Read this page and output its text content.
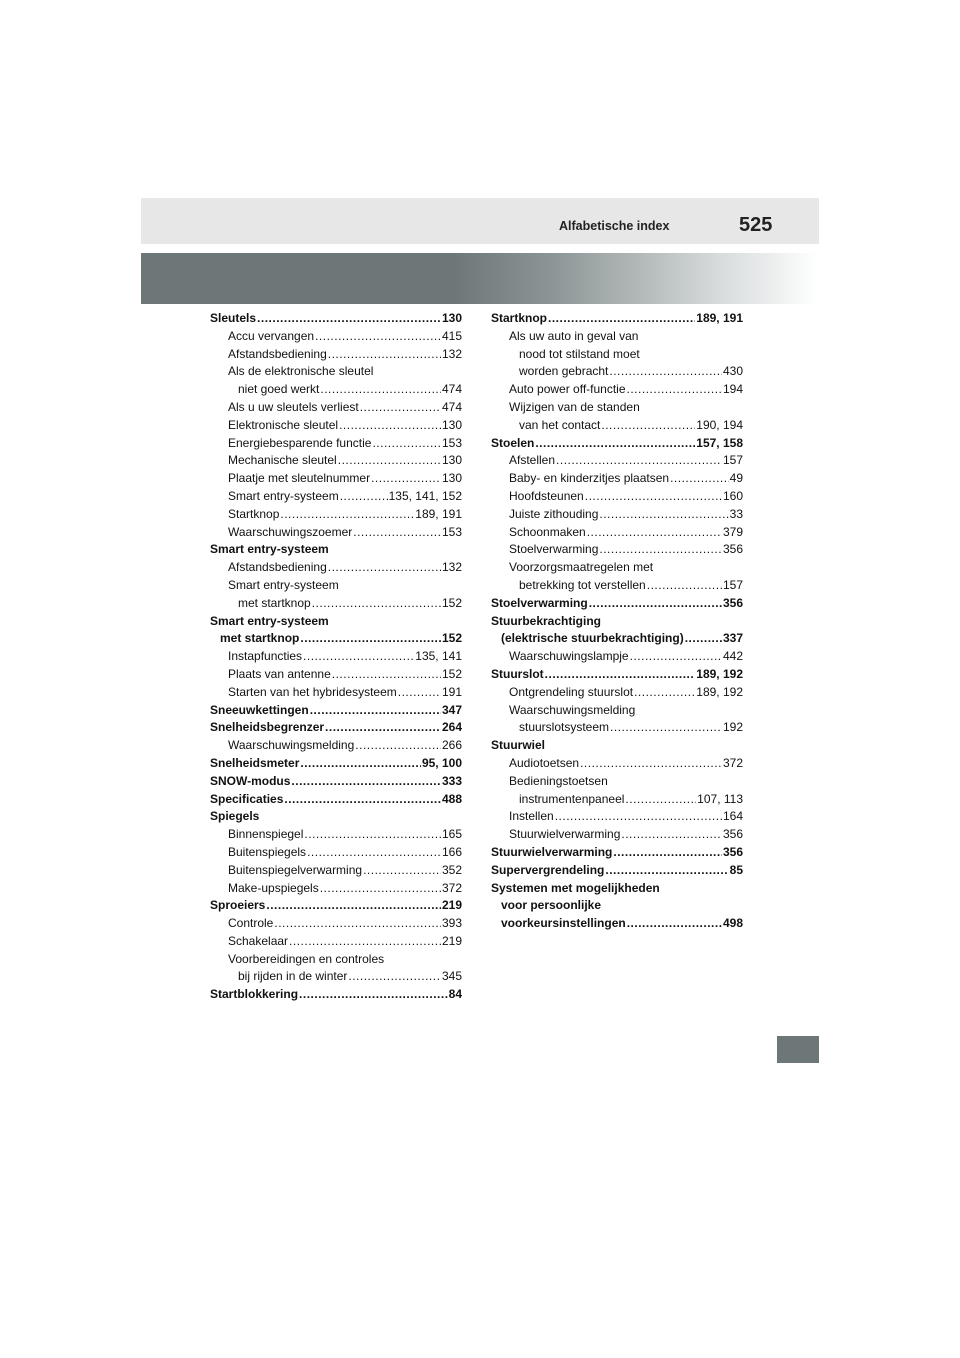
Alfabetische index	525
Sleutels .....	130
Accu vervangen .....	415
Afstandsbediening .....	132
Als de elektronische sleutel
niet goed werkt .....	474
Als u uw sleutels verliest .....	474
Elektronische sleutel .....	130
Energiebesparende functie .....	153
Mechanische sleutel .....	130
Plaatje met sleutelnummer .....	130
Smart entry-systeem .....	135, 141, 152
Startknop .....	189, 191
Waarschuwingszoemer .....	153
Smart entry-systeem
Afstandsbediening .....	132
Smart entry-systeem
met startknop .....	152
Smart entry-systeem
met startknop .....	152
Instapfuncties .....	135, 141
Plaats van antenne .....	152
Starten van het hybridesysteem .....	191
Sneeuwkettingen .....	347
Snelheidsbegrenzer .....	264
Waarschuwingsmelding .....	266
Snelheidsmeter .....	95, 100
SNOW-modus .....	333
Specificaties .....	488
Spiegels
Binnenspiegel .....	165
Buitenspiegels .....	166
Buitenspiegelverwarming .....	352
Make-upspiegels .....	372
Sproeiers .....	219
Controle .....	393
Schakelaar .....	219
Voorbereidingen en controles
bij rijden in de winter .....	345
Startblokkering .....	84
Startknop .....	189, 191
Als uw auto in geval van
nood tot stilstand moet
worden gebracht .....	430
Auto power off-functie .....	194
Wijzigen van de standen
van het contact .....	190, 194
Stoelen .....	157, 158
Afstellen .....	157
Baby- en kinderzitjes plaatsen .....	49
Hoofdsteunen .....	160
Juiste zithouding .....	33
Schoonmaken .....	379
Stoelverwarming .....	356
Voorzorgsmaatregelen met
betrekking tot verstellen .....	157
Stoelverwarming .....	356
Stuurbekrachtiging
(elektrische stuurbekrachtiging) .....	337
Waarschuwingslampje .....	442
Stuurslot .....	189, 192
Ontgrendeling stuurslot .....	189, 192
Waarschuwingsmelding
stuurslotsysteem .....	192
Stuurwiel
Audiotoetsen .....	372
Bedieningstoetsen
instrumentenpaneel .....	107, 113
Instellen .....	164
Stuurwielverwarming .....	356
Stuurwielverwarming .....	356
Supervergrendeling .....	85
Systemen met mogelijkheden
voor persoonlijke
voorkeursinstellingen .....	498
